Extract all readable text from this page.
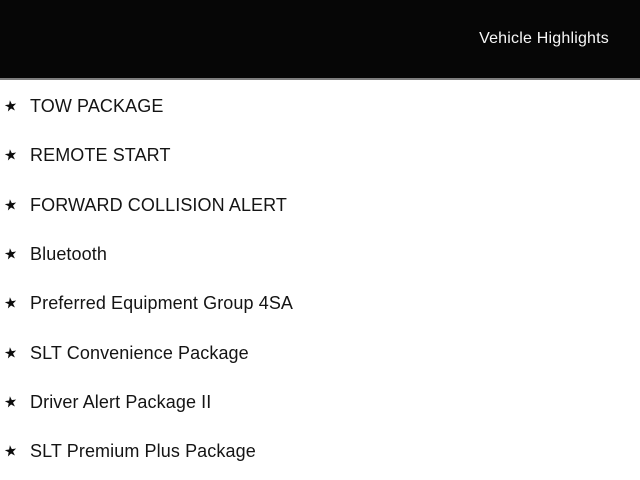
Vehicle Highlights
★ TOW PACKAGE
★ REMOTE START
★ FORWARD COLLISION ALERT
★ Bluetooth
★ Preferred Equipment Group 4SA
★ SLT Convenience Package
★ Driver Alert Package II
★ SLT Premium Plus Package
